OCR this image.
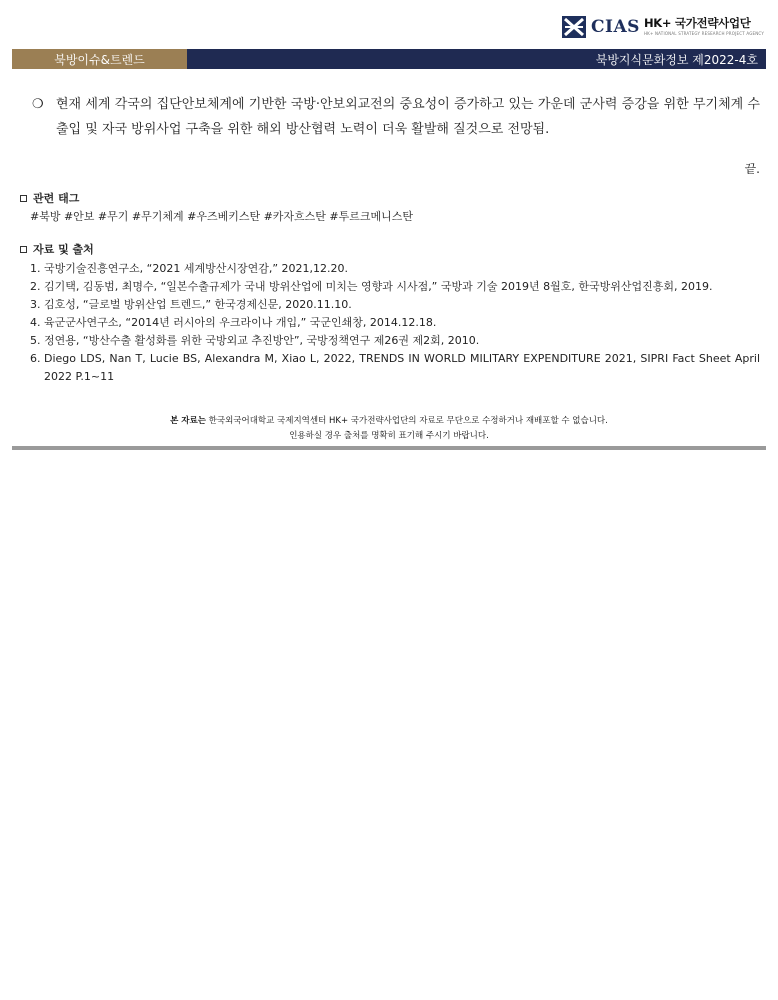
CIAS HK+ 국가전략사업단
HK+ NATIONAL STRATEGY RESEARCH PROJECT AGENCY
북방이슈&트렌드	북방지식문화정보 제2022-4호
❍ 현재 세계 각국의 집단안보체계에 기반한 국방·안보외교전의 중요성이 증가하고 있는 가운데 군사력 증강을 위한 무기체계 수출입 및 자국 방위사업 구축을 위한 해외 방산협력 노력이 더욱 활발해 질것으로 전망됨.
끝.
관련 태그
#북방 #안보 #무기 #무기체계 #우즈베키스탄 #카자흐스탄 #투르크메니스탄
자료 및 출처
1. 국방기술진흥연구소, “2021 세계방산시장연감,” 2021,12.20.
2. 김기택, 김동범, 최명수, “일본수출규제가 국내 방위산업에 미치는 영향과 시사점,” 국방과 기술 2019년 8월호, 한국방위산업진흥회, 2019.
3. 김호성, “글로벌 방위산업 트렌드,” 한국경제신문, 2020.11.10.
4. 육군군사연구소, “2014년 러시아의 우크라이나 개입,” 국군인쇄창, 2014.12.18.
5. 정연용, “방산수출 활성화를 위한 국방외교 추진방안”, 국방정책연구 제26권 제2회, 2010.
6. Diego LDS, Nan T, Lucie BS, Alexandra M, Xiao L, 2022, TRENDS IN WORLD MILITARY EXPENDITURE 2021, SIPRI Fact Sheet April 2022 P.1~11
본 자료는 한국외국어대학교 국제지역센터 HK+ 국가전략사업단의 자료로 무단으로 수정하거나 재배포할 수 없습니다.
인용하실 경우 출처를 명확히 표기해 주시기 바랍니다.
